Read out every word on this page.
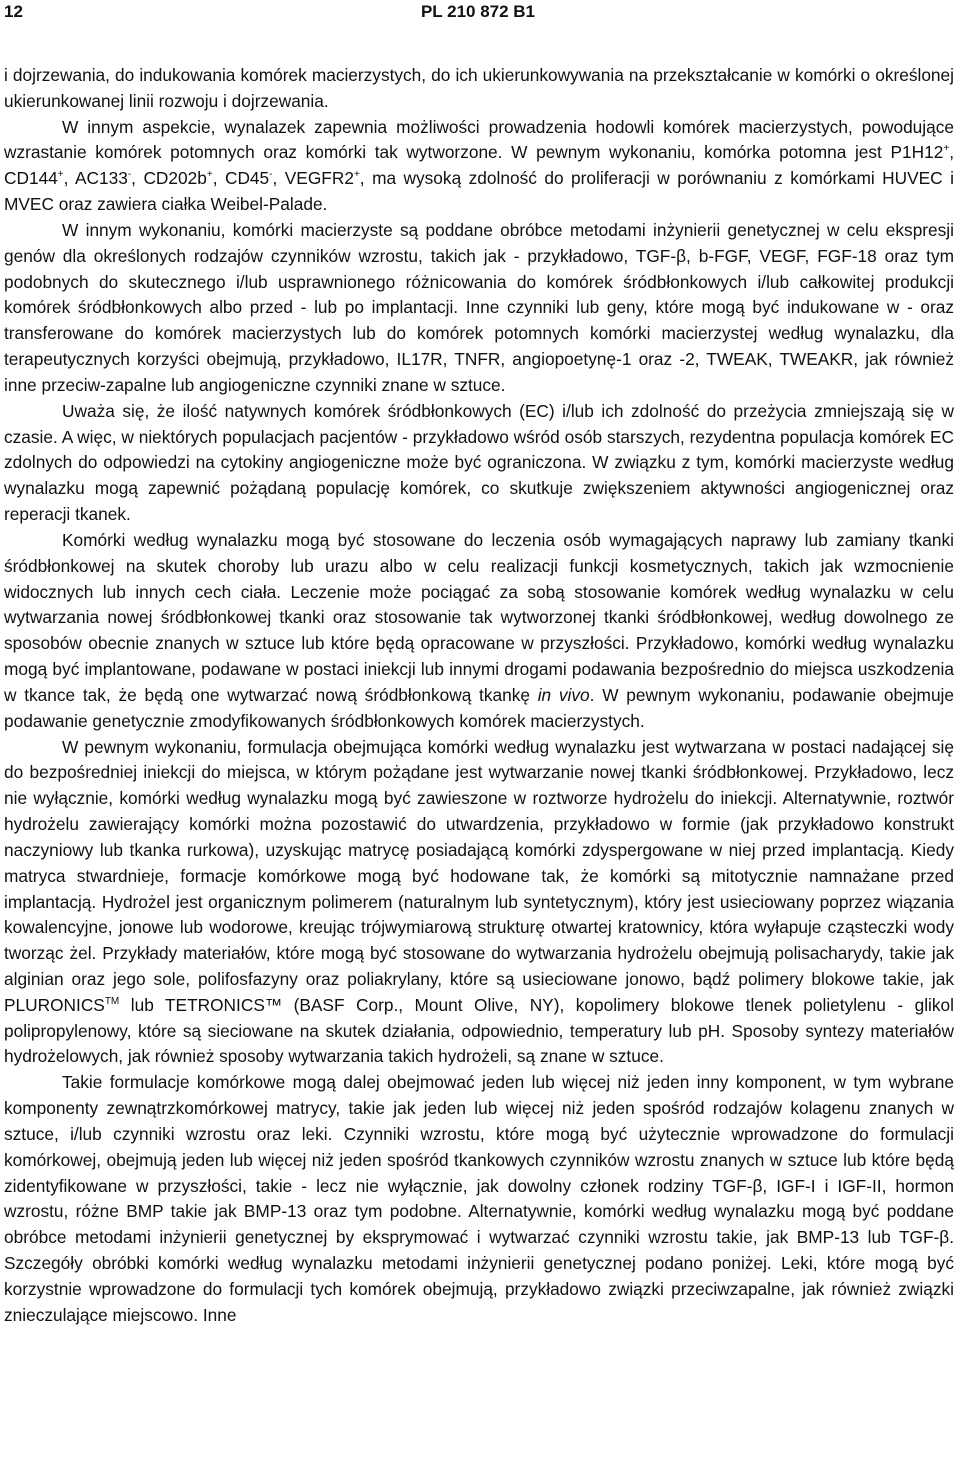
12	PL 210 872 B1

i dojrzewania, do indukowania komórek macierzystych, do ich ukierunkowywania na przekształcanie w komórki o określonej ukierunkowanej linii rozwoju i dojrzewania.

W innym aspekcie, wynalazek zapewnia możliwości prowadzenia hodowli komórek macierzystych, powodujące wzrastanie komórek potomnych oraz komórki tak wytworzone. W pewnym wykonaniu, komórka potomna jest P1H12+, CD144+, AC133-, CD202b+, CD45-, VEGFR2+, ma wysoką zdolność do proliferacji w porównaniu z komórkami HUVEC i MVEC oraz zawiera ciałka Weibel-Palade.

W innym wykonaniu, komórki macierzyste są poddane obróbce metodami inżynierii genetycznej w celu ekspresji genów dla określonych rodzajów czynników wzrostu, takich jak - przykładowo, TGF-β, b-FGF, VEGF, FGF-18 oraz tym podobnych do skutecznego i/lub usprawnionego różnicowania do komórek śródbłonkowych i/lub całkowitej produkcji komórek śródbłonkowych albo przed - lub po implantacji. Inne czynniki lub geny, które mogą być indukowane w - oraz transferowane do komórek macierzystych lub do komórek potomnych komórki macierzystej według wynalazku, dla terapeutycznych korzyści obejmują, przykładowo, IL17R, TNFR, angiopoetynę-1 oraz -2, TWEAK, TWEAKR, jak również inne przeciw-zapalne lub angiogeniczne czynniki znane w sztuce.

Uważa się, że ilość natywnych komórek śródbłonkowych (EC) i/lub ich zdolność do przeżycia zmniejszają się w czasie. A więc, w niektórych populacjach pacjentów - przykładowo wśród osób starszych, rezydentna populacja komórek EC zdolnych do odpowiedzi na cytokiny angiogeniczne może być ograniczona. W związku z tym, komórki macierzyste według wynalazku mogą zapewnić pożądaną populację komórek, co skutkuje zwiększeniem aktywności angiogenicznej oraz reperacji tkanek.

Komórki według wynalazku mogą być stosowane do leczenia osób wymagających naprawy lub zamiany tkanki śródbłonkowej na skutek choroby lub urazu albo w celu realizacji funkcji kosmetycznych, takich jak wzmocnienie widocznych lub innych cech ciała. Leczenie może pociągać za sobą stosowanie komórek według wynalazku w celu wytwarzania nowej śródbłonkowej tkanki oraz stosowanie tak wytworzonej tkanki śródbłonkowej, według dowolnego ze sposobów obecnie znanych w sztuce lub które będą opracowane w przyszłości. Przykładowo, komórki według wynalazku mogą być implantowane, podawane w postaci iniekcji lub innymi drogami podawania bezpośrednio do miejsca uszkodzenia w tkance tak, że będą one wytwarzać nową śródbłonkową tkankę in vivo. W pewnym wykonaniu, podawanie obejmuje podawanie genetycznie zmodyfikowanych śródbłonkowych komórek macierzystych.

W pewnym wykonaniu, formulacja obejmująca komórki według wynalazku jest wytwarzana w postaci nadającej się do bezpośredniej iniekcji do miejsca, w którym pożądane jest wytwarzanie nowej tkanki śródbłonkowej. Przykładowo, lecz nie wyłącznie, komórki według wynalazku mogą być zawieszone w roztworze hydrożelu do iniekcji. Alternatywnie, roztwór hydrożelu zawierający komórki można pozostawić do utwardzenia, przykładowo w formie (jak przykładowo konstrukt naczyniowy lub tkanka rurkowa), uzyskując matrycę posiadającą komórki zdyspergowane w niej przed implantacją. Kiedy matryca stwardnieje, formacje komórkowe mogą być hodowane tak, że komórki są mitotycznie namnażane przed implantacją. Hydrożel jest organicznym polimerem (naturalnym lub syntetycznym), który jest usieciowany poprzez wiązania kowalencyjne, jonowe lub wodorowe, kreując trójwymiarową strukturę otwartej kratownicy, która wyłapuje cząsteczki wody tworząc żel. Przykłady materiałów, które mogą być stosowane do wytwarzania hydrożelu obejmują polisacharydy, takie jak alginian oraz jego sole, polifosfazyny oraz poliakrylany, które są usieciowane jonowo, bądź polimery blokowe takie, jak PLURONICS™ lub TETRONICS™ (BASF Corp., Mount Olive, NY), kopolimery blokowe tlenek polietylenu - glikol polipropylenowy, które są sieciowane na skutek działania, odpowiednio, temperatury lub pH. Sposoby syntezy materiałów hydrożelowych, jak również sposoby wytwarzania takich hydrożeli, są znane w sztuce.

Takie formulacje komórkowe mogą dalej obejmować jeden lub więcej niż jeden inny komponent, w tym wybrane komponenty zewnątrzkomórkowej matrycy, takie jak jeden lub więcej niż jeden spośród rodzajów kolagenu znanych w sztuce, i/lub czynniki wzrostu oraz leki. Czynniki wzrostu, które mogą być użytecznie wprowadzone do formulacji komórkowej, obejmują jeden lub więcej niż jeden spośród tkankowych czynników wzrostu znanych w sztuce lub które będą zidentyfikowane w przyszłości, takie - lecz nie wyłącznie, jak dowolny członek rodziny TGF-β, IGF-I i IGF-II, hormon wzrostu, różne BMP takie jak BMP-13 oraz tym podobne. Alternatywnie, komórki według wynalazku mogą być poddane obróbce metodami inżynierii genetycznej by eksprymować i wytwarzać czynniki wzrostu takie, jak BMP-13 lub TGF-β. Szczegóły obróbki komórki według wynalazku metodami inżynierii genetycznej podano poniżej. Leki, które mogą być korzystnie wprowadzone do formulacji tych komórek obejmują, przykładowo związki przeciwzapalne, jak również związki znieczulające miejscowo. Inne
